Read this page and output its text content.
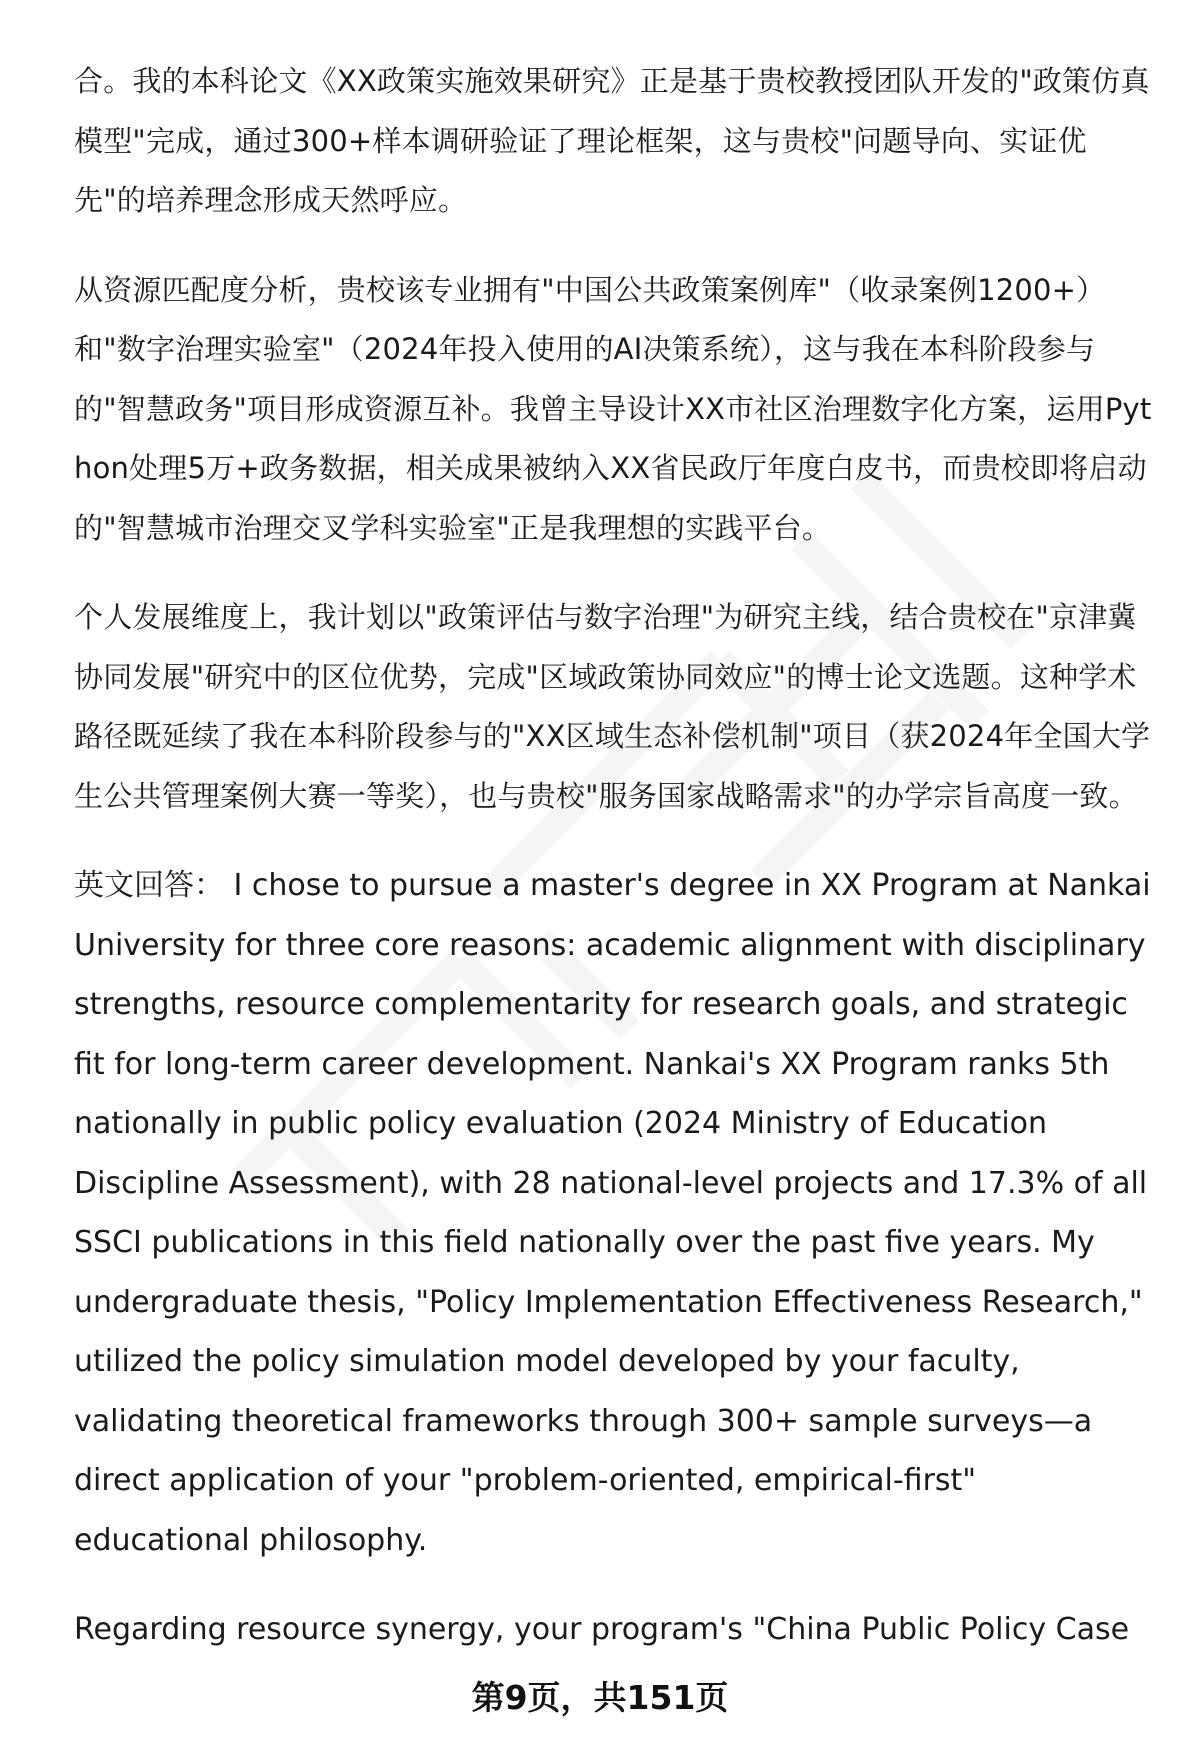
合。我的本科论文《XX政策实施效果研究》正是基于贵校教授团队开发的"政策仿真模型"完成，通过300+样本调研验证了理论框架，这与贵校"问题导向、实证优先"的培养理念形成天然呼应。

从资源匹配度分析，贵校该专业拥有"中国公共政策案例库"（收录案例1200+）和"数字治理实验室"（2024年投入使用的AI决策系统），这与我在本科阶段参与的"智慧政务"项目形成资源互补。我曾主导设计XX市社区治理数字化方案，运用Python处理5万+政务数据，相关成果被纳入XX省民政厅年度白皮书，而贵校即将启动的"智慧城市治理交叉学科实验室"正是我理想的实践平台。

个人发展维度上，我计划以"政策评估与数字治理"为研究主线，结合贵校在"京津冀协同发展"研究中的区位优势，完成"区域政策协同效应"的博士论文选题。这种学术路径既延续了我在本科阶段参与的"XX区域生态补偿机制"项目（获2024年全国大学生公共管理案例大赛一等奖），也与贵校"服务国家战略需求"的办学宗旨高度一致。

英文回答： I chose to pursue a master's degree in XX Program at Nankai University for three core reasons: academic alignment with disciplinary strengths, resource complementarity for research goals, and strategic fit for long-term career development. Nankai's XX Program ranks 5th nationally in public policy evaluation (2024 Ministry of Education Discipline Assessment), with 28 national-level projects and 17.3% of all SSCI publications in this field nationally over the past five years. My undergraduate thesis, "Policy Implementation Effectiveness Research," utilized the policy simulation model developed by your faculty, validating theoretical frameworks through 300+ sample surveys—a direct application of your "problem-oriented, empirical-first" educational philosophy.

Regarding resource synergy, your program's "China Public Policy Case

第9页，共151页
